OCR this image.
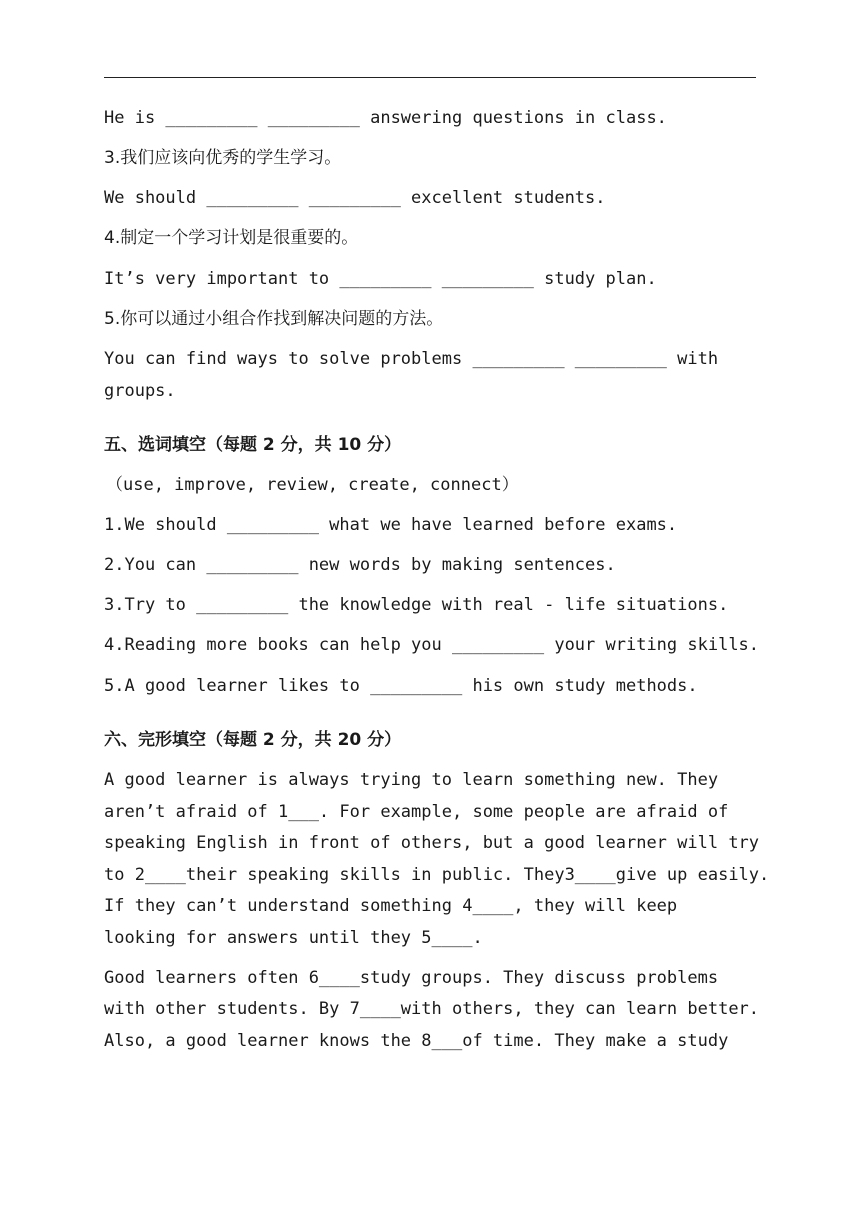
He is _________ _________ answering questions in class.
3.我们应该向优秀的学生学习。
We should _________ _________ excellent students.
4.制定一个学习计划是很重要的。
It’s very important to _________ _________ study plan.
5.你可以通过小组合作找到解决问题的方法。
You can find ways to solve problems _________ _________ with
groups.
五、选词填空（每题 2 分，共 10 分）
（use, improve, review, create, connect）
1.We should _________ what we have learned before exams.
2.You can _________ new words by making sentences.
3.Try to _________ the knowledge with real - life situations.
4.Reading more books can help you _________ your writing skills.
5.A good learner likes to _________ his own study methods.
六、完形填空（每题 2 分，共 20 分）
A good learner is always trying to learn something new. They
aren’t afraid of 1___. For example, some people are afraid of
speaking English in front of others, but a good learner will try
to 2____their speaking skills in public. They3____give up easily.
If they can’t understand something 4____, they will keep
looking for answers until they 5____.
Good learners often 6____study groups. They discuss problems
with other students. By 7____with others, they can learn better.
Also, a good learner knows the 8___of time. They make a study
